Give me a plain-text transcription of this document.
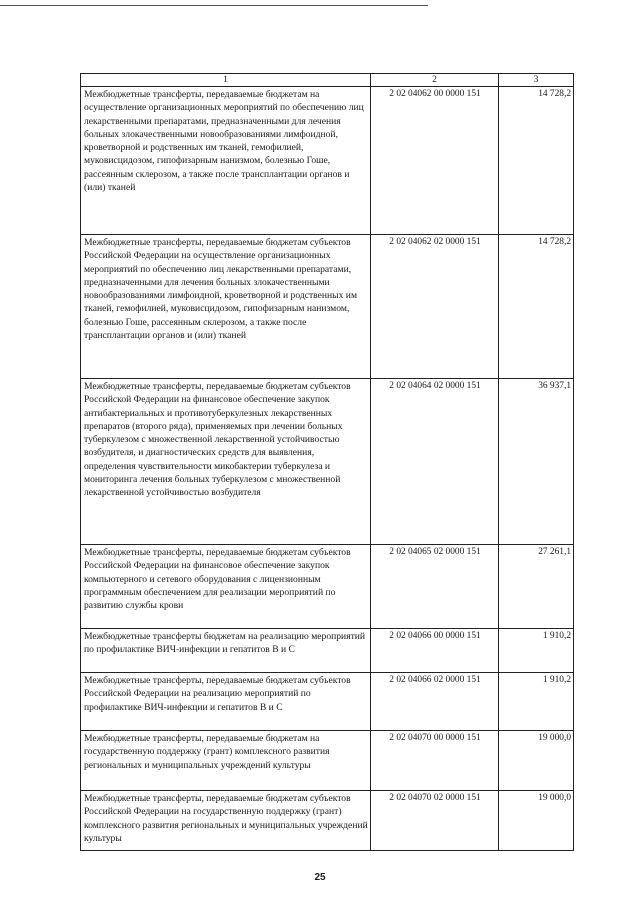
1	2	3
Межбюджетные трансферты, передаваемые бюджетам на осуществление организационных мероприятий по обеспечению лиц лекарственными препаратами, предназначенными для лечения больных злокачественными новообразованиями лимфоидной, кроветворной и родственных им тканей, гемофилией, муковисцидозом, гипофизарным нанизмом, болезнью Гоше, рассеянным склерозом, а также после трансплантации органов и (или) тканей	2 02 04062 00 0000 151	14 728,2
Межбюджетные трансферты, передаваемые бюджетам субъектов Российской Федерации на осуществление организационных мероприятий по обеспечению лиц лекарственными препаратами, предназначенными для лечения больных злокачественными новообразованиями лимфоидной, кроветворной и родственных им тканей, гемофилией, муковисцидозом, гипофизарным нанизмом, болезнью Гоше, рассеянным склерозом, а также после трансплантации органов и (или) тканей	2 02 04062 02 0000 151	14 728,2
Межбюджетные трансферты, передаваемые бюджетам субъектов Российской Федерации на финансовое обеспечение закупок антибактериальных и противотуберкулезных лекарственных препаратов (второго ряда), применяемых при лечении больных туберкулезом с множественной лекарственной устойчивостью возбудителя, и диагностических средств для выявления, определения чувствительности микобактерии туберкулеза и мониторинга лечения больных туберкулезом с множественной лекарственной устойчивостью возбудителя	2 02 04064 02 0000 151	36 937,1
Межбюджетные трансферты, передаваемые бюджетам субъектов Российской Федерации на финансовое обеспечение закупок компьютерного и сетевого оборудования с лицензионным программным обеспечением для реализации мероприятий по развитию службы крови	2 02 04065 02 0000 151	27 261,1
Межбюджетные трансферты бюджетам на реализацию мероприятий по профилактике ВИЧ-инфекции и гепатитов В и С	2 02 04066 00 0000 151	1 910,2
Межбюджетные трансферты, передаваемые бюджетам субъектов Российской Федерации на реализацию мероприятий по профилактике ВИЧ-инфекции и гепатитов В и С	2 02 04066 02 0000 151	1 910,2
Межбюджетные трансферты, передаваемые бюджетам на государственную поддержку (грант) комплексного развития региональных и муниципальных учреждений культуры	2 02 04070 00 0000 151	19 000,0
Межбюджетные трансферты, передаваемые бюджетам субъектов Российской Федерации на государственную поддержку (грант) комплексного развития региональных и муниципальных учреждений культуры	2 02 04070 02 0000 151	19 000,0
25
